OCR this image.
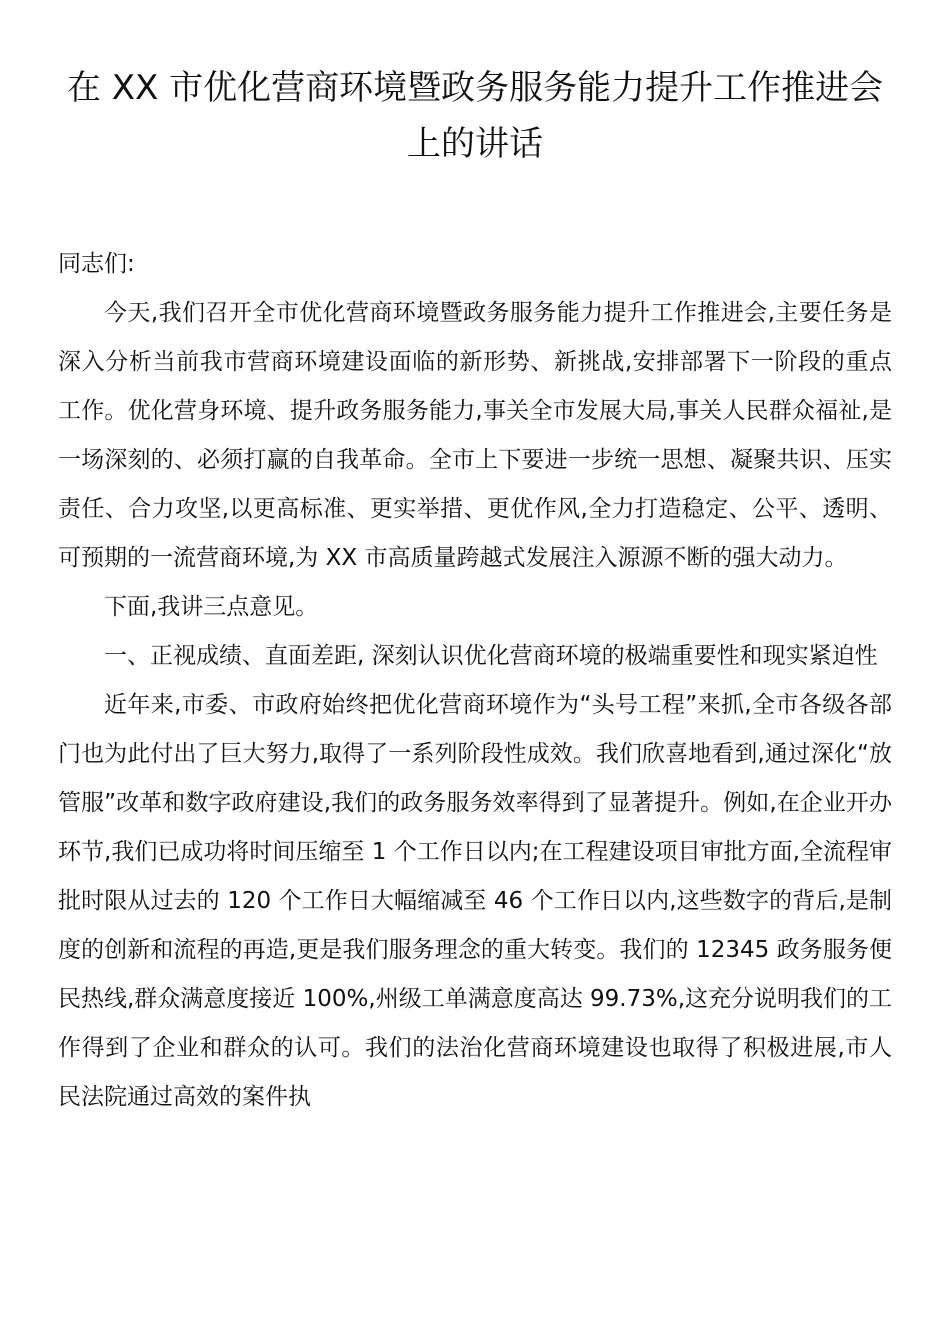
在 XX 市优化营商环境暨政务服务能力提升工作推进会上的讲话

同志们:

今天,我们召开全市优化营商环境暨政务服务能力提升工作推进会,主要任务是深入分析当前我市营商环境建设面临的新形势、新挑战,安排部署下一阶段的重点工作。优化营身环境、提升政务服务能力,事关全市发展大局,事关人民群众福祉,是一场深刻的、必须打赢的自我革命。全市上下要进一步统一思想、凝聚共识、压实责任、合力攻坚,以更高标准、更实举措、更优作风,全力打造稳定、公平、透明、可预期的一流营商环境,为 XX 市高质量跨越式发展注入源源不断的强大动力。

下面,我讲三点意见。

一、正视成绩、直面差距, 深刻认识优化营商环境的极端重要性和现实紧迫性

近年来,市委、市政府始终把优化营商环境作为“头号工程”来抓,全市各级各部门也为此付出了巨大努力,取得了一系列阶段性成效。我们欣喜地看到,通过深化“放管服”改革和数字政府建设,我们的政务服务效率得到了显著提升。例如,在企业开办环节,我们已成功将时间压缩至 1 个工作日以内;在工程建设项目审批方面,全流程审批时限从过去的 120 个工作日大幅缩减至 46 个工作日以内,这些数字的背后,是制度的创新和流程的再造,更是我们服务理念的重大转变。我们的 12345 政务服务便民热线,群众满意度接近 100%,州级工单满意度高达 99.73%,这充分说明我们的工作得到了企业和群众的认可。我们的法治化营商环境建设也取得了积极进展,市人民法院通过高效的案件执
